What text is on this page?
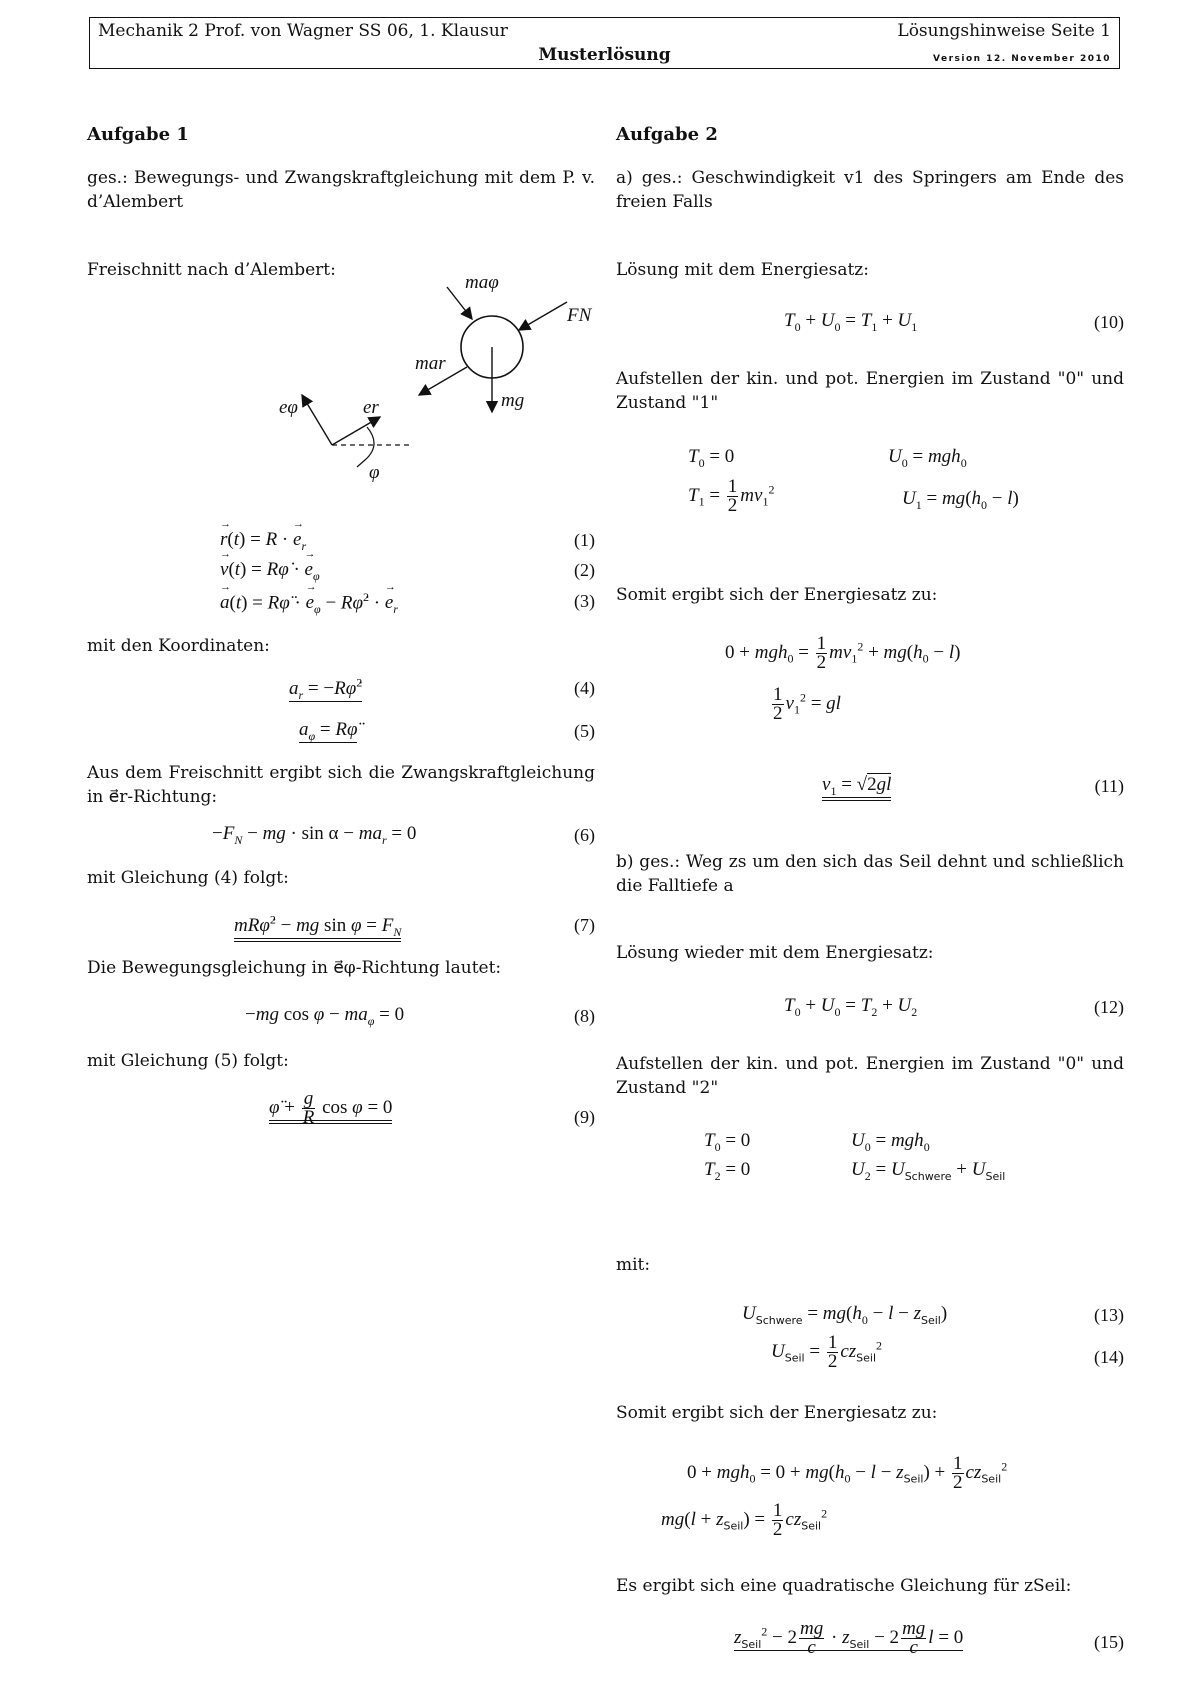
Mechanik 2 Prof. von Wagner SS 06, 1. Klausur	Lösungshinweise Seite 1
Musterlösung	Version 12. November 2010
Aufgabe 1

ges.: Bewegungs- und Zwangskraftgleichung mit dem P. v. d’Alembert

Freischnitt nach d’Alembert:

maφ
FN
mar
mg
eφ	er
φ
→ r(t) = R · → $e_r$	(1)
→ v(t) = Rφ̇ · → $e_\varphi$	(2)
→ a(t) = Rφ̈ · → $e_\varphi$ − Rφ̇$^2$ · → $e_r$	(3)

mit den Koordinaten:

$a_r$ = −Rφ̇$^2$	(4)
$a_\varphi$ = Rφ̈	(5)

Aus dem Freischnitt ergibt sich die Zwangskraftgleichung in e⃗r-Richtung:

$-F_N$ − mg · $\sin \alpha - ma_r = 0$	(6)

mit Gleichung (4) folgt:

mRφ̇$^2$ − mg $\sin \varphi = F_N$	(7)

Die Bewegungsgleichung in e⃗φ-Richtung lautet:

−mg $\cos \varphi - ma_\varphi = 0$	(8)

mit Gleichung (5) folgt:

φ̈ + $\frac{g}{R}$ cos φ = 0	(9)
Aufgabe 2

a) ges.: Geschwindigkeit v1 des Springers am Ende des freien Falls

Lösung mit dem Energiesatz:

$T_0 + U_0 = T_1 + U_1$	(10)

Aufstellen der kin. und pot. Energien im Zustand "0" und Zustand "1"

$T_0 = 0$	$U_0 = mgh_0$
$T_1 = \frac{1}{2} mv_1^2$	$U_1 = mg(h_0 - l)$

Somit ergibt sich der Energiesatz zu:

$0 + mgh_0 = \frac{1}{2} mv_1^2 + mg(h_0 - l)$
$\frac{1}{2} v_1^2$ = gl
$v_1 = √2gl$	(11)

b) ges.: Weg zs um den sich das Seil dehnt und schließlich die Falltiefe a

Lösung wieder mit dem Energiesatz:

$T_0 + U_0 = T_2 + U_2$	(12)

Aufstellen der kin. und pot. Energien im Zustand "0" und Zustand "2"

$T_0 = 0$	$U_0 = mgh_0$
$T_2 = 0$	$U_2 = U_{Schwere} + U_{Seil}$

mit:

$U_{Schwere} = mg(h_0 - l - z_{Seil})$	(13)
$U_{Seil} = \frac{1}{2} cz_{Seil}^2$
(14)

Somit ergibt sich der Energiesatz zu:

$0 + mgh_0 = 0 + mg(h_0 - l - z_{Seil}) + \frac{1}{2} cz_{Seil}^2$
$mg(l + z_{Seil}) = \frac{1}{2} cz_{Seil}^2$

Es ergibt sich eine quadratische Gleichung für zSeil:

$z_{Seil}^2 - 2 \frac{mg}{c} \cdot z_{Seil} - 2 \frac{mg}{c}$ l = 0	(15)
